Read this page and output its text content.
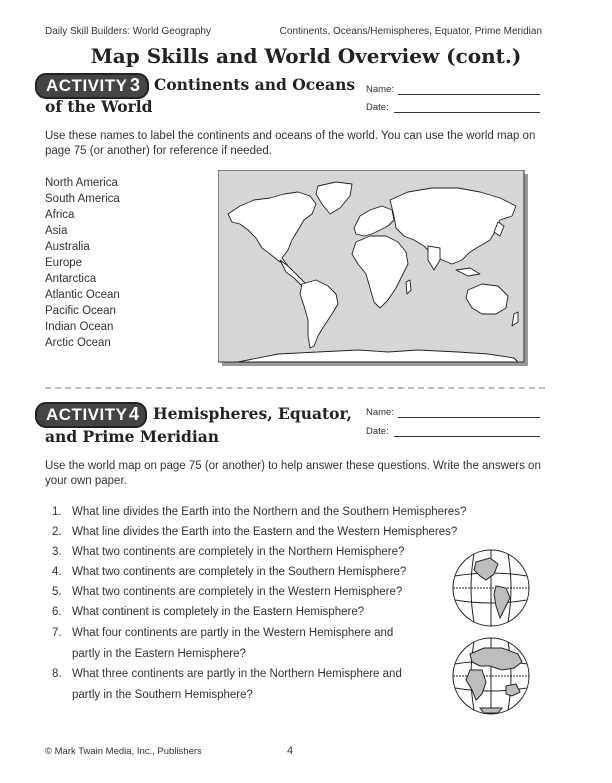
Daily Skill Builders: World Geography	Continents, Oceans/Hemispheres, Equator, Prime Meridian
Map Skills and World Overview (cont.)
ACTIVITY 3 Continents and Oceans
of the World
Name:
Date:
Use these names to label the continents and oceans of the world. You can use the world map on page 75 (or another) for reference if needed.
North America
South America
Africa
Asia
Australia
Europe
Antarctica
Atlantic Ocean
Pacific Ocean
Indian Ocean
Arctic Ocean
ACTIVITY 4 Hemispheres, Equator,
and Prime Meridian
Name:
Date:
Use the world map on page 75 (or another) to help answer these questions. Write the answers on your own paper.
1. What line divides the Earth into the Northern and the Southern Hemispheres?
2. What line divides the Earth into the Eastern and the Western Hemispheres?
3. What two continents are completely in the Northern Hemisphere?
4. What two continents are completely in the Southern Hemisphere?
5. What two continents are completely in the Western Hemisphere?
6. What continent is completely in the Eastern Hemisphere?
7. What four continents are partly in the Western Hemisphere and
partly in the Eastern Hemisphere?
8. What three continents are partly in the Northern Hemisphere and
partly in the Southern Hemisphere?
© Mark Twain Media, Inc., Publishers	4
